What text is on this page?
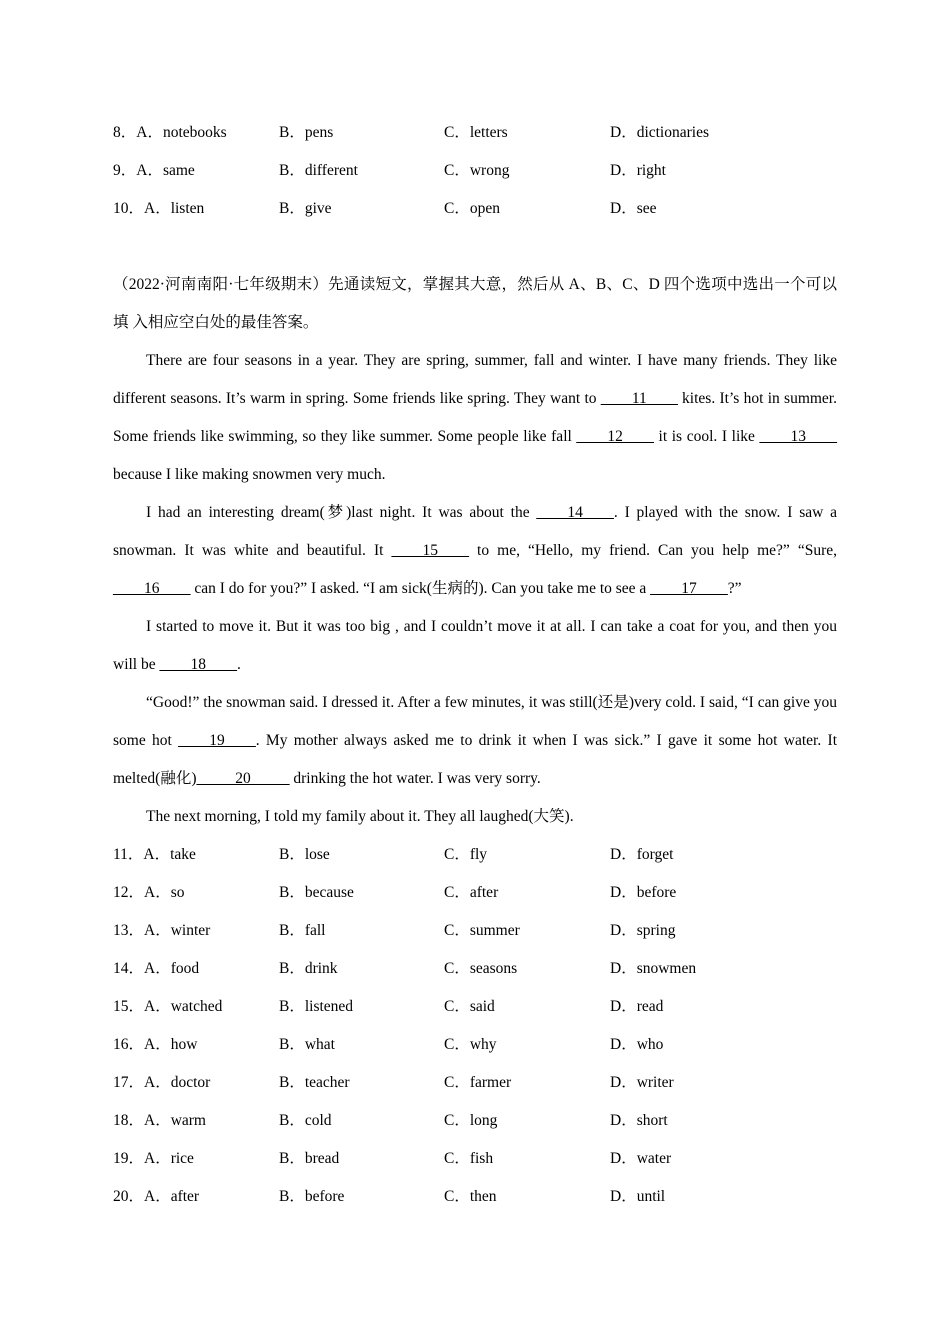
8．A．notebooks	B．pens	C．letters	D．dictionaries
9．A．same	B．different	C．wrong	D．right
10．A．listen	B．give	C．open	D．see
（2022·河南南阳·七年级期末）先通读短文，掌握其大意，然后从 A、B、C、D 四个选项中选出一个可以填 入相应空白处的最佳答案。
There are four seasons in a year. They are spring, summer, fall and winter. I have many friends. They like different seasons. It’s warm in spring. Some friends like spring. They want to ____11____ kites. It’s hot in summer. Some friends like swimming, so they like summer. Some people like fall ____12____ it is cool. I like ____13____ because I like making snowmen very much.
I had an interesting dream(梦)last night. It was about the ____14____. I played with the snow. I saw a snowman. It was white and beautiful. It ____15____ to me, “Hello, my friend. Can you help me?” “Sure, ____16____ can I do for you?” I asked. “I am sick(生病的). Can you take me to see a ____17____?”
I started to move it. But it was too big , and I couldn’t move it at all. I can take a coat for you, and then you will be ____18____.
“Good!” the snowman said. I dressed it. After a few minutes, it was still(还是)very cold. I said, “I can give you some hot ____19____. My mother always asked me to drink it when I was sick.” I gave it some hot water. It melted(融化)_____20_____ drinking the hot water. I was very sorry.
The next morning, I told my family about it. They all laughed(大笑).
11．A．take	B．lose	C．fly	D．forget
12．A．so	B．because	C．after	D．before
13．A．winter	B．fall	C．summer	D．spring
14．A．food	B．drink	C．seasons	D．snowmen
15．A．watched	B．listened	C．said	D．read
16．A．how	B．what	C．why	D．who
17．A．doctor	B．teacher	C．farmer	D．writer
18．A．warm	B．cold	C．long	D．short
19．A．rice	B．bread	C．fish	D．water
20．A．after	B．before	C．then	D．until
